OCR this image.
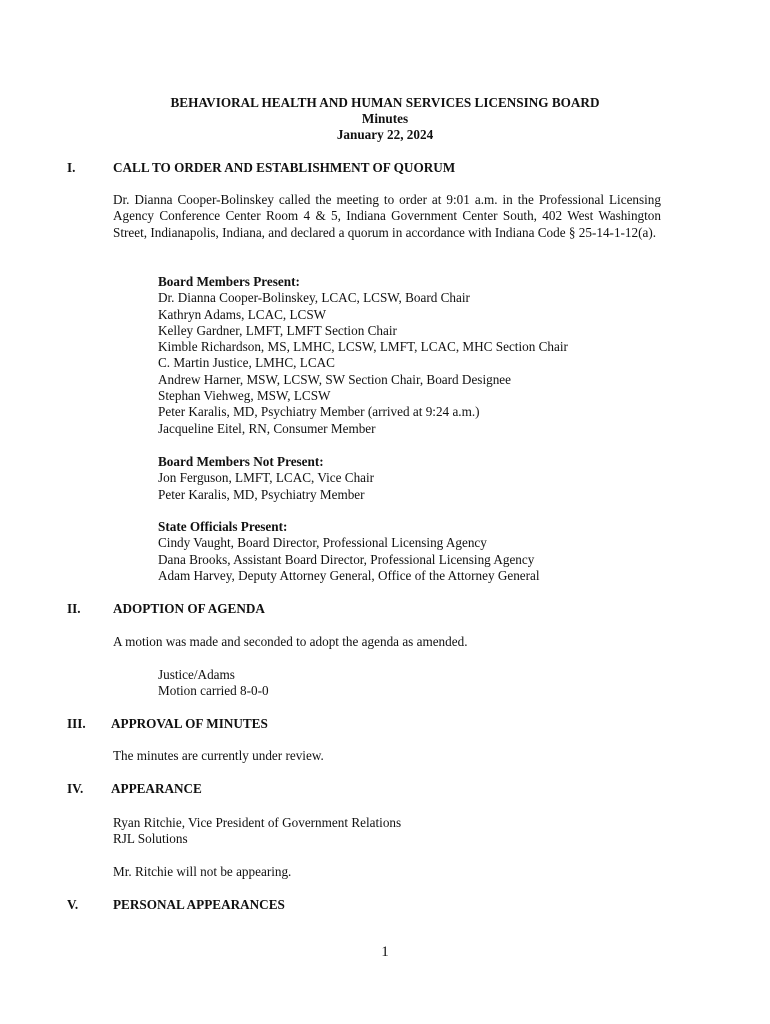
BEHAVIORAL HEALTH AND HUMAN SERVICES LICENSING BOARD
Minutes
January 22, 2024
I.	CALL TO ORDER AND ESTABLISHMENT OF QUORUM
Dr. Dianna Cooper-Bolinskey called the meeting to order at 9:01 a.m. in the Professional Licensing Agency Conference Center Room 4 & 5, Indiana Government Center South, 402 West Washington Street, Indianapolis, Indiana, and declared a quorum in accordance with Indiana Code § 25-14-1-12(a).
Board Members Present:
Dr. Dianna Cooper-Bolinskey, LCAC, LCSW, Board Chair
Kathryn Adams, LCAC, LCSW
Kelley Gardner, LMFT, LMFT Section Chair
Kimble Richardson, MS, LMHC, LCSW, LMFT, LCAC, MHC Section Chair
C. Martin Justice, LMHC, LCAC
Andrew Harner, MSW, LCSW, SW Section Chair, Board Designee
Stephan Viehweg, MSW, LCSW
Peter Karalis, MD, Psychiatry Member (arrived at 9:24 a.m.)
Jacqueline Eitel, RN, Consumer Member
Board Members Not Present:
Jon Ferguson, LMFT, LCAC, Vice Chair
Peter Karalis, MD, Psychiatry Member
State Officials Present:
Cindy Vaught, Board Director, Professional Licensing Agency
Dana Brooks, Assistant Board Director, Professional Licensing Agency
Adam Harvey, Deputy Attorney General, Office of the Attorney General
II. ADOPTION OF AGENDA
A motion was made and seconded to adopt the agenda as amended.
Justice/Adams
Motion carried 8-0-0
III. APPROVAL OF MINUTES
The minutes are currently under review.
IV. APPEARANCE
Ryan Ritchie, Vice President of Government Relations
RJL Solutions
Mr. Ritchie will not be appearing.
V.	PERSONAL APPEARANCES
1
